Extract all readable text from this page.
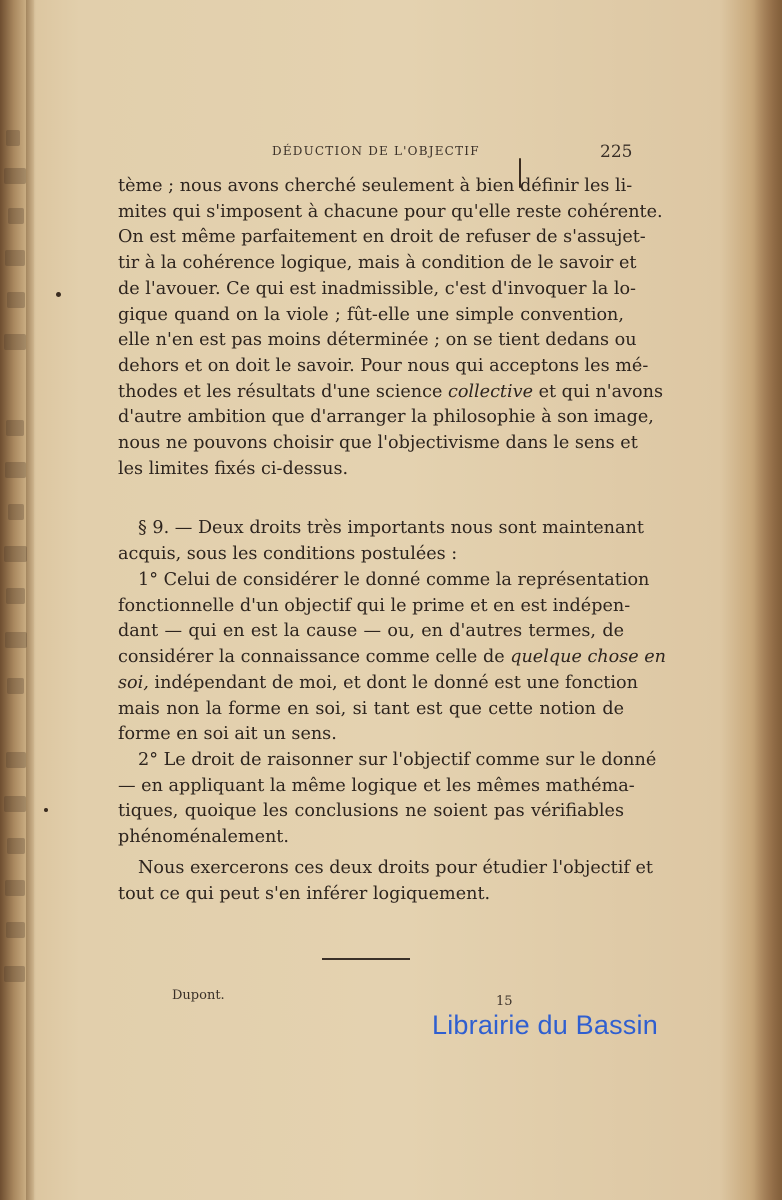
DÉDUCTION DE L'OBJECTIF	225
tème ; nous avons cherché seulement à bien définir les li-
mites qui s'imposent à chacune pour qu'elle reste cohérente.
On est même parfaitement en droit de refuser de s'assujet-
tir à la cohérence logique, mais à condition de le savoir et
de l'avouer. Ce qui est inadmissible, c'est d'invoquer la lo-
gique quand on la viole ; fût-elle une simple convention,
elle n'en est pas moins déterminée ; on se tient dedans ou
dehors et on doit le savoir. Pour nous qui acceptons les mé-
thodes et les résultats d'une science collective et qui n'avons
d'autre ambition que d'arranger la philosophie à son image,
nous ne pouvons choisir que l'objectivisme dans le sens et
les limites fixés ci-dessus.
§ 9. — Deux droits très importants nous sont maintenant
acquis, sous les conditions postulées :
1° Celui de considérer le donné comme la représentation
fonctionnelle d'un objectif qui le prime et en est indépen-
dant — qui en est la cause — ou, en d'autres termes, de
considérer la connaissance comme celle de quelque chose en
soi, indépendant de moi, et dont le donné est une fonction
mais non la forme en soi, si tant est que cette notion de
forme en soi ait un sens.
2° Le droit de raisonner sur l'objectif comme sur le donné
— en appliquant la même logique et les mêmes mathéma-
tiques, quoique les conclusions ne soient pas vérifiables
phénoménalement.
Nous exercerons ces deux droits pour étudier l'objectif et
tout ce qui peut s'en inférer logiquement.
Dupont.	15
Librairie du Bassin
